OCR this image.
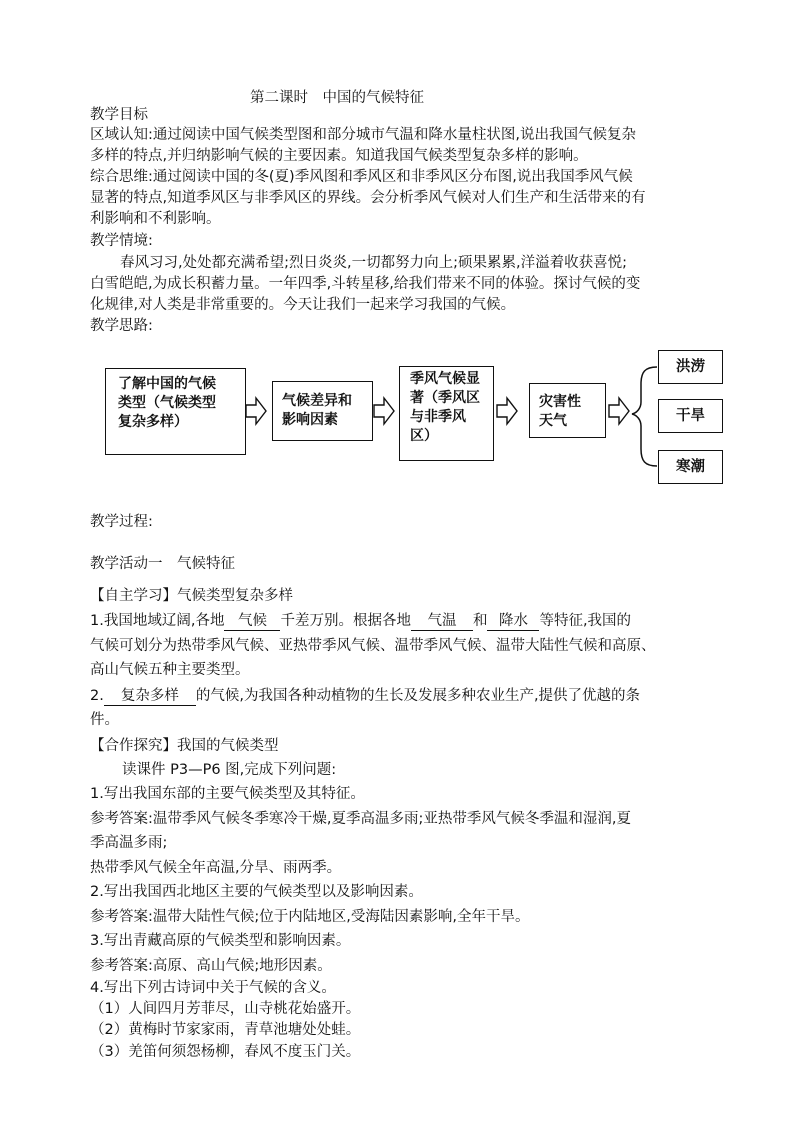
第二课时　中国的气候特征
教学目标
区域认知:通过阅读中国气候类型图和部分城市气温和降水量柱状图,说出我国气候复杂
多样的特点,并归纳影响气候的主要因素。知道我国气候类型复杂多样的影响。
综合思维:通过阅读中国的冬(夏)季风图和季风区和非季风区分布图,说出我国季风气候
显著的特点,知道季风区与非季风区的界线。会分析季风气候对人们生产和生活带来的有
利影响和不利影响。
教学情境:
春风习习,处处都充满希望;烈日炎炎,一切都努力向上;硕果累累,洋溢着收获喜悦;
白雪皑皑,为成长积蓄力量。一年四季,斗转星移,给我们带来不同的体验。探讨气候的变
化规律,对人类是非常重要的。今天让我们一起来学习我国的气候。
教学思路:
了解中国的气候
类型（气候类型
复杂多样）
气候差异和
影响因素
季风气候显
著（季风区
与非季风
区）
灾害性
天气
洪涝
干旱
寒潮
教学过程:
教学活动一　气候特征
【自主学习】气候类型复杂多样
1.我国地域辽阔,各地 气候 千差万别。根据各地 气温 和 降水 等特征,我国的
气候可划分为热带季风气候、亚热带季风气候、温带季风气候、温带大陆性气候和高原、
高山气候五种主要类型。
2. 复杂多样 的气候,为我国各种动植物的生长及发展多种农业生产,提供了优越的条
件。
【合作探究】我国的气候类型
读课件 P3—P6 图,完成下列问题:
1.写出我国东部的主要气候类型及其特征。
参考答案:温带季风气候冬季寒冷干燥,夏季高温多雨;亚热带季风气候冬季温和湿润,夏
季高温多雨;
热带季风气候全年高温,分旱、雨两季。
2.写出我国西北地区主要的气候类型以及影响因素。
参考答案:温带大陆性气候;位于内陆地区,受海陆因素影响,全年干旱。
3.写出青藏高原的气候类型和影响因素。
参考答案:高原、高山气候;地形因素。
4.写出下列古诗词中关于气候的含义。
（1）人间四月芳菲尽，山寺桃花始盛开。
（2）黄梅时节家家雨，青草池塘处处蛙。
（3）羌笛何须怨杨柳，春风不度玉门关。
